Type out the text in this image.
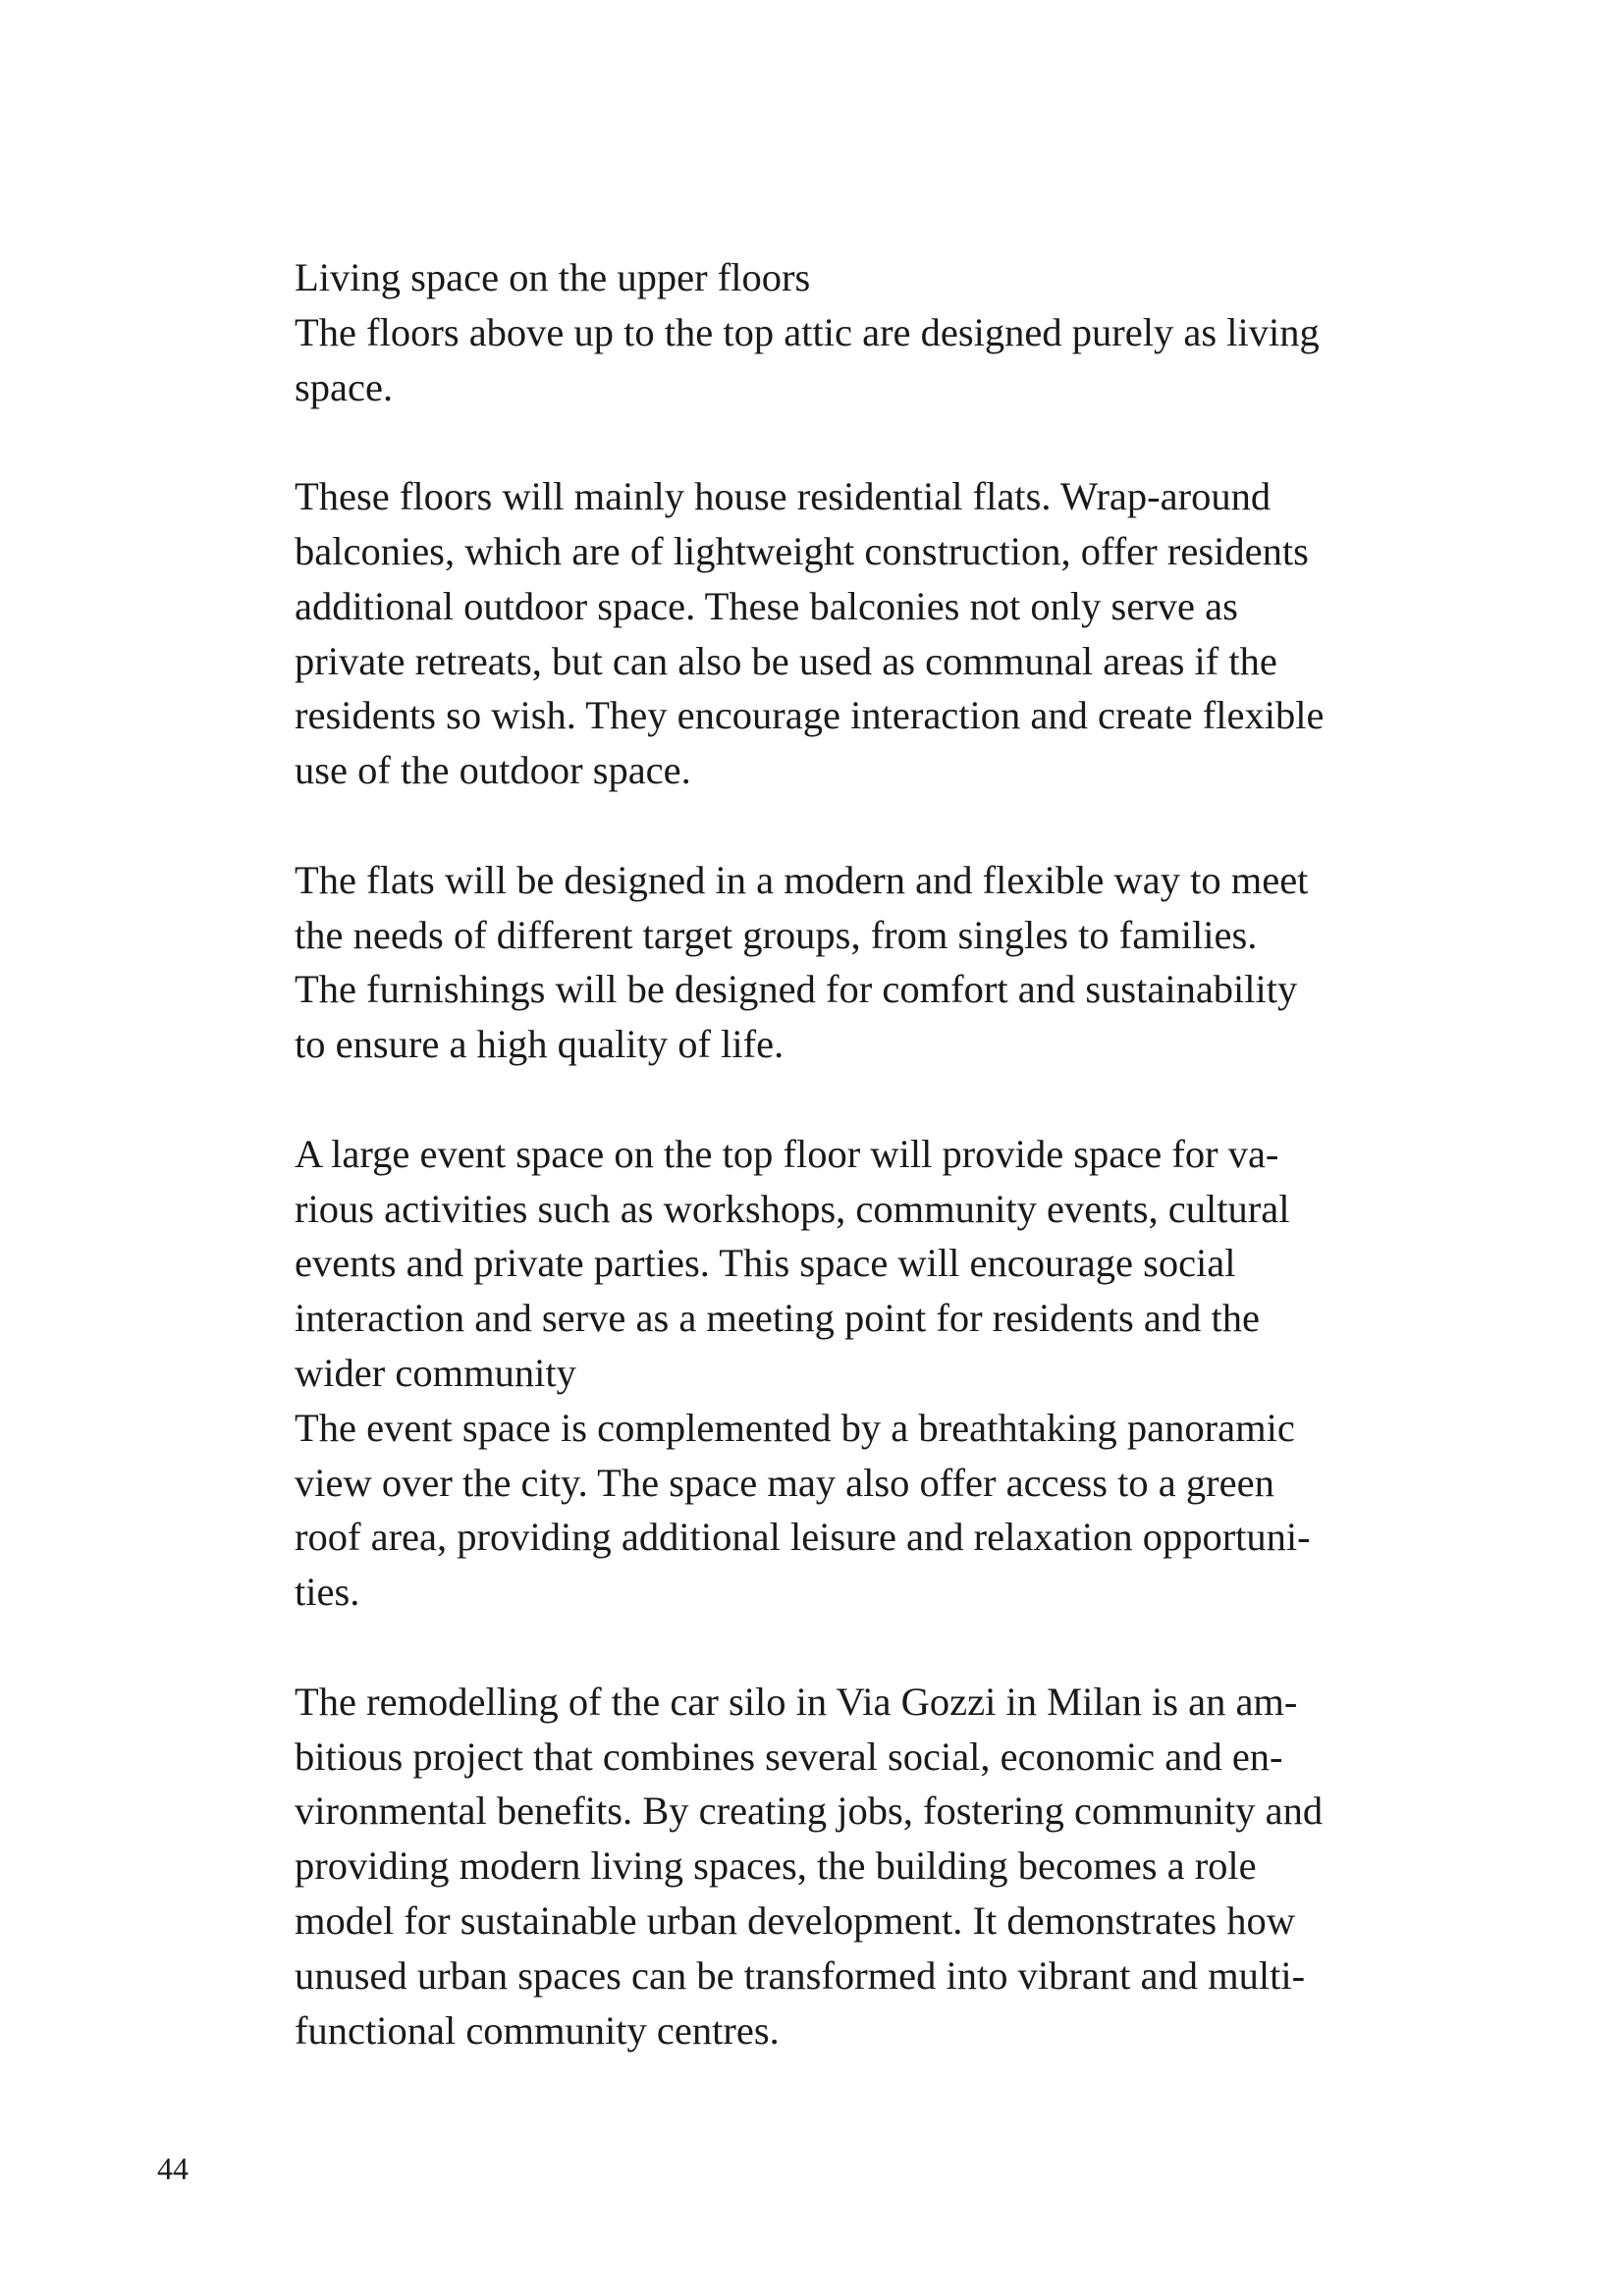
Living space on the upper floors
The floors above up to the top attic are designed purely as living
space.
These floors will mainly house residential flats. Wrap-around
balconies, which are of lightweight construction, offer residents
additional outdoor space. These balconies not only serve as
private retreats, but can also be used as communal areas if the
residents so wish. They encourage interaction and create flexible
use of the outdoor space.
The flats will be designed in a modern and flexible way to meet
the needs of different target groups, from singles to families.
The furnishings will be designed for comfort and sustainability
to ensure a high quality of life.
A large event space on the top floor will provide space for va-
rious activities such as workshops, community events, cultural
events and private parties. This space will encourage social
interaction and serve as a meeting point for residents and the
wider community
The event space is complemented by a breathtaking panoramic
view over the city. The space may also offer access to a green
roof area, providing additional leisure and relaxation opportuni-
ties.
The remodelling of the car silo in Via Gozzi in Milan is an am-
bitious project that combines several social, economic and en-
vironmental benefits. By creating jobs, fostering community and
providing modern living spaces, the building becomes a role
model for sustainable urban development. It demonstrates how
unused urban spaces can be transformed into vibrant and multi-
functional community centres.
44
